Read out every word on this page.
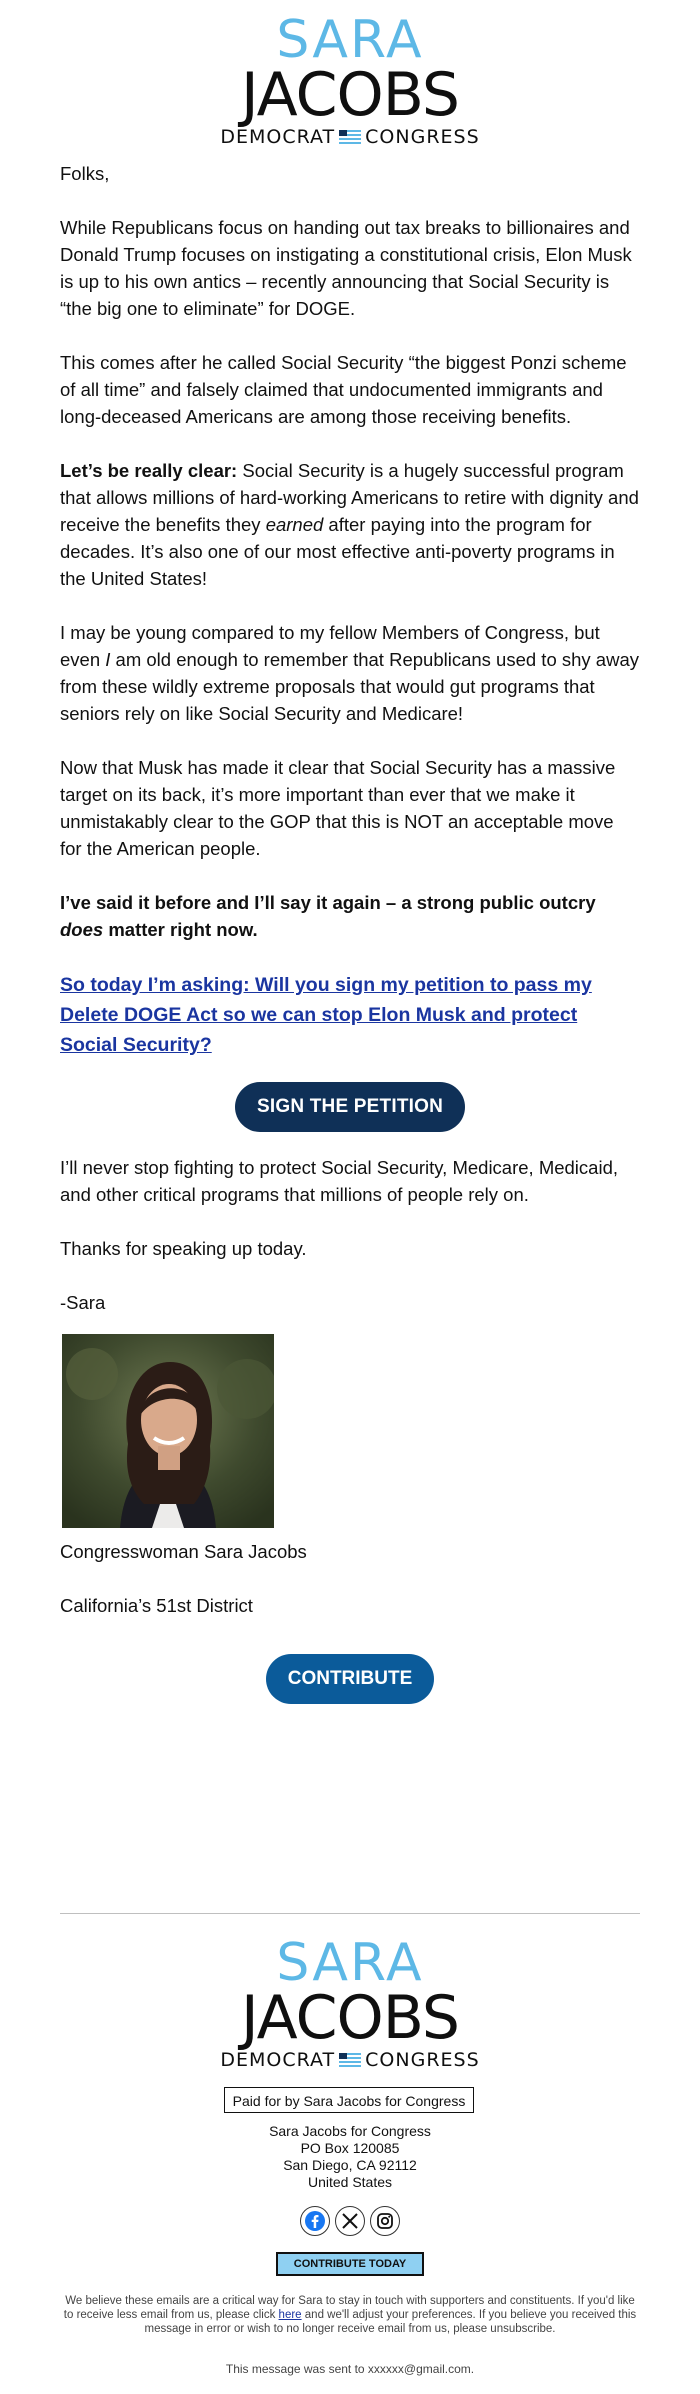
SARA
JACOBS
DEMOCRAT CONGRESS

Folks,

While Republicans focus on handing out tax breaks to billionaires and Donald Trump focuses on instigating a constitutional crisis, Elon Musk is up to his own antics – recently announcing that Social Security is “the big one to eliminate” for DOGE.

This comes after he called Social Security “the biggest Ponzi scheme of all time” and falsely claimed that undocumented immigrants and long-deceased Americans are among those receiving benefits.

Let’s be really clear: Social Security is a hugely successful program that allows millions of hard-working Americans to retire with dignity and receive the benefits they earned after paying into the program for decades. It’s also one of our most effective anti-poverty programs in the United States!

I may be young compared to my fellow Members of Congress, but even I am old enough to remember that Republicans used to shy away from these wildly extreme proposals that would gut programs that seniors rely on like Social Security and Medicare!

Now that Musk has made it clear that Social Security has a massive target on its back, it’s more important than ever that we make it unmistakably clear to the GOP that this is NOT an acceptable move for the American people.

I’ve said it before and I’ll say it again – a strong public outcry does matter right now.

So today I’m asking: Will you sign my petition to pass my Delete DOGE Act so we can stop Elon Musk and protect Social Security?

SIGN THE PETITION

I’ll never stop fighting to protect Social Security, Medicare, Medicaid, and other critical programs that millions of people rely on.

Thanks for speaking up today.

-Sara

Congresswoman Sara Jacobs

California’s 51st District

CONTRIBUTE
SARA
JACOBS
DEMOCRAT CONGRESS
Paid for by Sara Jacobs for Congress
Sara Jacobs for Congress
PO Box 120085
San Diego, CA 92112
United States
CONTRIBUTE TODAY
We believe these emails are a critical way for Sara to stay in touch with supporters and constituents. If you'd like to receive less email from us, please click here and we'll adjust your preferences. If you believe you received this message in error or wish to no longer receive email from us, please unsubscribe.
This message was sent to xxxxxx@gmail.com.
